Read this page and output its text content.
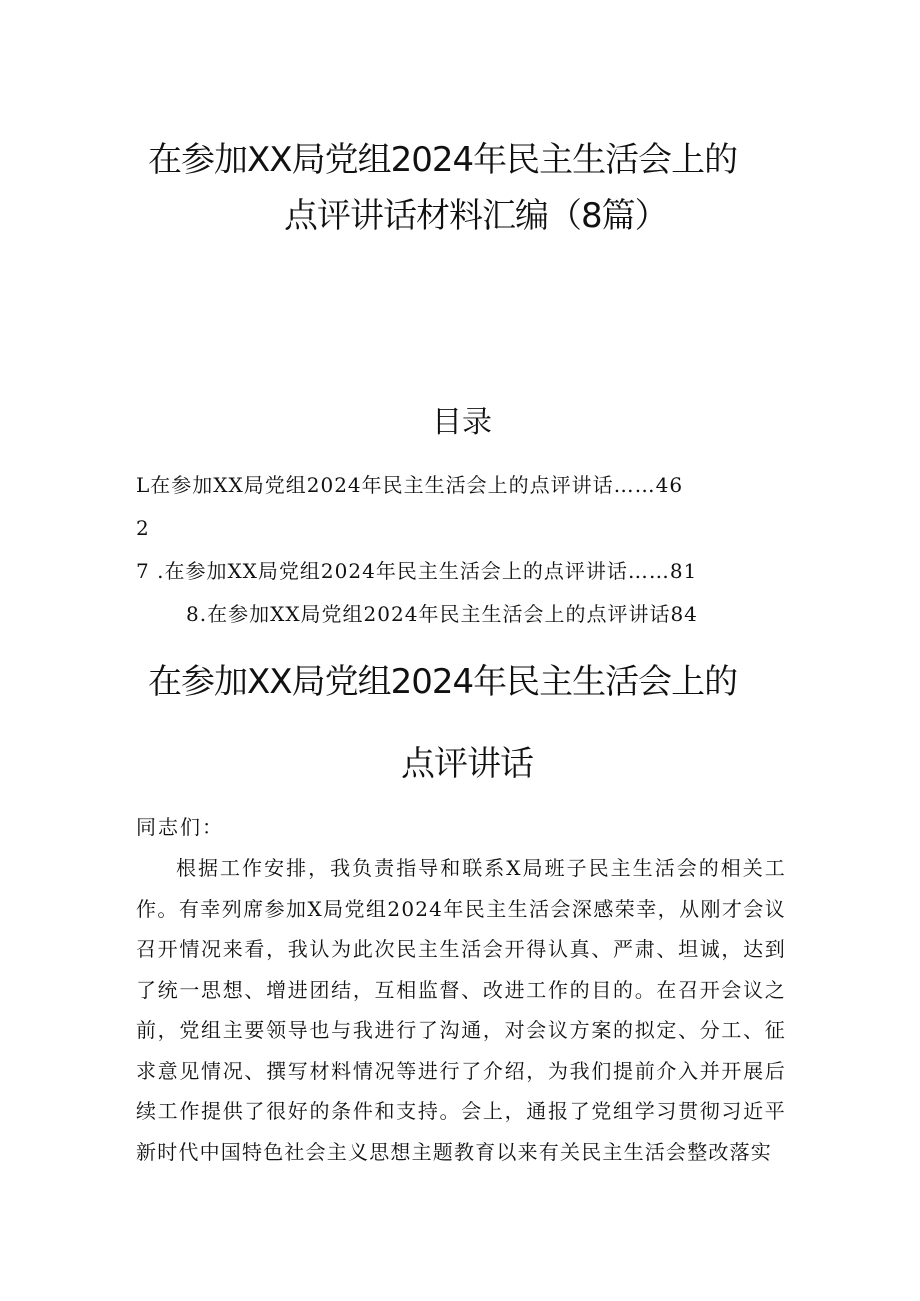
在参加XX局党组2024年民主生活会上的
点评讲话材料汇编（8篇）
目录
L在参加XX局党组2024年民主生活会上的点评讲话……46
2
7 .在参加XX局党组2024年民主生活会上的点评讲话……81
8.在参加XX局党组2024年民主生活会上的点评讲话84
在参加XX局党组2024年民主生活会上的
点评讲话
同志们：
根据工作安排，我负责指导和联系X局班子民主生活会的相关工作。有幸列席参加X局党组2024年民主生活会深感荣幸，从刚才会议召开情况来看，我认为此次民主生活会开得认真、严肃、坦诚，达到了统一思想、增进团结，互相监督、改进工作的目的。在召开会议之前，党组主要领导也与我进行了沟通，对会议方案的拟定、分工、征求意见情况、撰写材料情况等进行了介绍，为我们提前介入并开展后续工作提供了很好的条件和支持。会上，通报了党组学习贯彻习近平新时代中国特色社会主义思想主题教育以来有关民主生活会整改落实
